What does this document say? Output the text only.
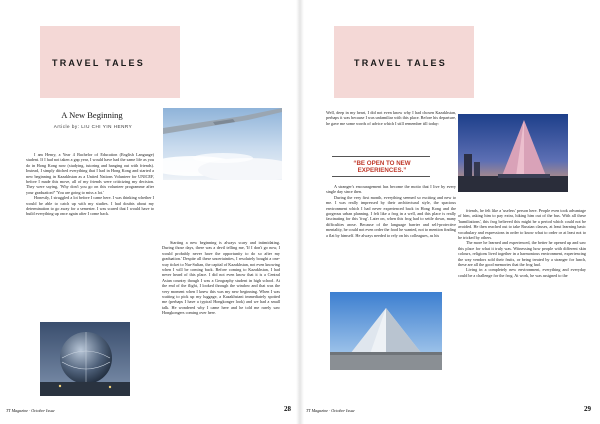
TRAVEL TALES
A New Beginning
Article by: LIU CHI YIN HENRY

I am Henry, a Year 4 Bachelor of Education (English Language) student. If I had not taken a gap year, I would have had the same life as you do in Hong Kong now (studying, tutoring and hanging out with friends). Instead, I simply ditched everything that I had in Hong Kong and started a new beginning in Kazakhstan as a United Nations Volunteer for UNICEF, before I made this move, all of my friends were criticizing my decision. They were saying, 'Why don't you go on this volunteer programme after your graduation?' 'You are going to miss a lot.'

Honestly, I struggled a lot before I came here. I was thinking whether I would be able to catch up with my studies. I had doubts about my determination to go away for a semester. I was scared that I would have to build everything up once again after I come back.

Starting a new beginning is always scary and intimidating. During those days, there was a devil telling me, 'If I don't go now, I would probably never have the opportunity to do so after my graduation.' Despite all these uncertainties, I resolutely bought a one-way ticket to Nur-Sultan, the capital of Kazakhstan, not even knowing when I will be coming back. Before coming to Kazakhstan, I had never heard of this place. I did not even know that it is a Central Asian country though I was a Geography student in high school. At the end of the flight, I looked through the window and that was the very moment when I knew this was my new beginning. When I was waiting to pick up my luggage, a Kazakhstani immediately spotted me (perhaps I have a typical Hongkonger look) and we had a small talk. He wondered why I came here and he told me rarely saw Hongkongers coming over here.

TT Magazine · October Issue	28
TRAVEL TALES
Well, deep in my heart, I did not even know why I had chosen Kazakhstan, perhaps it was because I was unfamiliar with this place. Before his departure, he gave me some words of advice which I still remember till today:
“BE OPEN TO NEW EXPERIENCES.”

A stranger's encouragement has become the motto that I live by every single day since then.

During the very first month, everything seemed so exciting and new to me. I was really impressed by their architectural style, the spacious environment which I had never experienced back in Hong Kong and the gorgeous urban planning. I felt like a frog in a well, and this place is really fascinating for this 'frog'. Later on, when this frog had to settle down, many difficulties arose. Because of the language barrier and self-protective mentality, he could not even order the food he wanted, not to mention finding a flat by himself. He always needed to rely on his colleagues, as his

friends, he felt like a 'useless' person here. People even took advantage of him, asking him to pay extra, hiking him out of the bus. With all these 'humiliations', this frog believed this might be a period which could not be avoided. He then reached out to take Russian classes, at least learning basic vocabulary and expressions in order to know what to order or at least not to be tricked by others.

The more he learned and experienced, the better he opened up and saw this place for what it truly was. Witnessing how people with different skin colours, religions lived together in a harmonious environment, experiencing the way vendors sold their fruits, or being treated by a stranger for lunch, these are all the good memories that the frog had.

Living in a completely new environment, everything and everyday could be a challenge for the frog. At work, he was assigned to the

TT Magazine · October Issue	29
